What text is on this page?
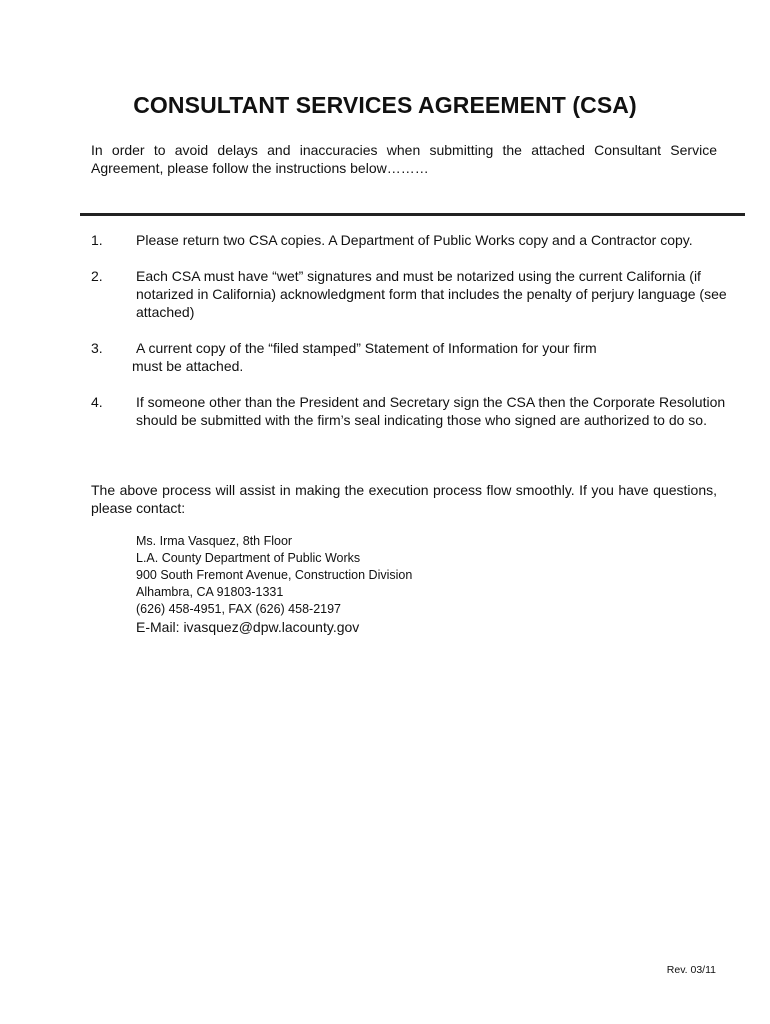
CONSULTANT SERVICES AGREEMENT (CSA)

In order to avoid delays and inaccuracies when submitting the attached Consultant Service Agreement, please follow the instructions below………

1.	Please return two CSA copies. A Department of Public Works copy and a Contractor copy.
2.	Each CSA must have “wet” signatures and must be notarized using the current California (if notarized in California) acknowledgment form that includes the penalty of perjury language (see attached)
3.	A current copy of the “filed stamped” Statement of Information for your firm
must be attached.
4.	If someone other than the President and Secretary sign the CSA then the Corporate Resolution should be submitted with the firm’s seal indicating those who signed are authorized to do so.

The above process will assist in making the execution process flow smoothly. If you have questions, please contact:

Ms. Irma Vasquez, 8th Floor
L.A. County Department of Public Works
900 South Fremont Avenue, Construction Division
Alhambra, CA 91803-1331
(626) 458-4951, FAX (626) 458-2197
E-Mail: ivasquez@dpw.lacounty.gov
Rev. 03/11
